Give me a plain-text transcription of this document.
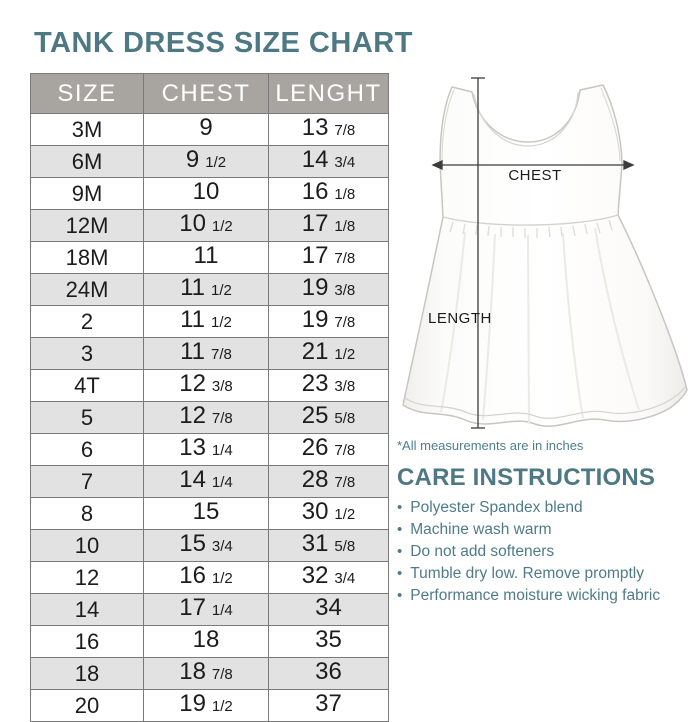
TANK DRESS SIZE CHART
SIZE	CHEST	LENGHT
3M	9	13 7/8
6M	9 1/2	14 3/4
9M	10	16 1/8
12M	10 1/2	17 1/8
18M	11	17 7/8
24M	11 1/2	19 3/8
2	11 1/2	19 7/8
3	11 7/8	21 1/2
4T	12 3/8	23 3/8
5	12 7/8	25 5/8
6	13 1/4	26 7/8
7	14 1/4	28 7/8
8	15	30 1/2
10	15 3/4	31 5/8
12	16 1/2	32 3/4
14	17 1/4	34
16	18	35
18	18 7/8	36
20	19 1/2	37
CHEST
LENGTH
*All measurements are in inches
CARE INSTRUCTIONS
• Polyester Spandex blend
• Machine wash warm
• Do not add softeners
• Tumble dry low. Remove promptly
• Performance moisture wicking fabric
